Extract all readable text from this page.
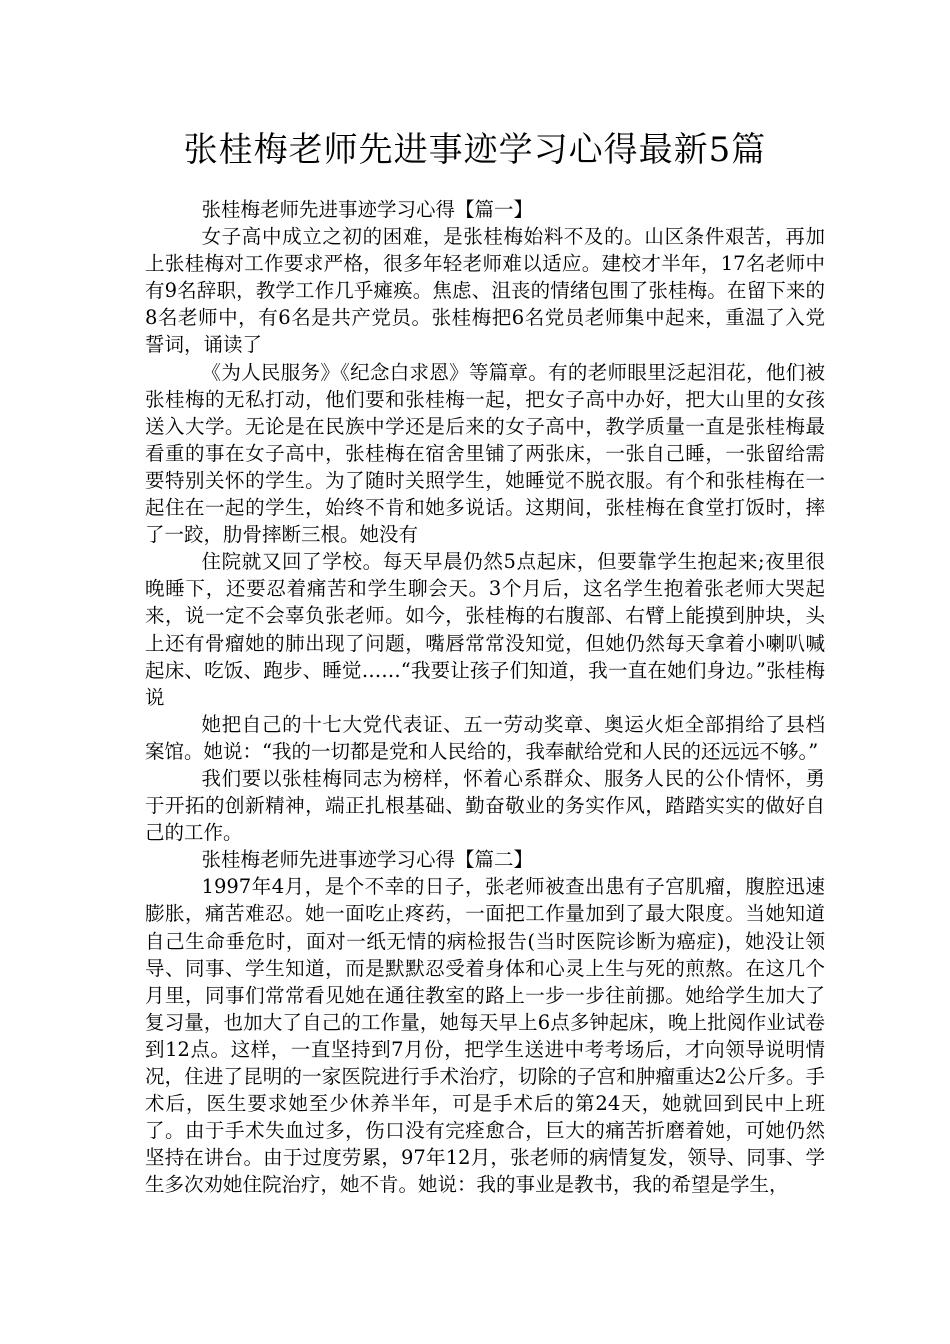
张桂梅老师先进事迹学习心得最新5篇

张桂梅老师先进事迹学习心得【篇一】

女子高中成立之初的困难，是张桂梅始料不及的。山区条件艰苦，再加上张桂梅对工作要求严格，很多年轻老师难以适应。建校才半年，17名老师中有9名辞职，教学工作几乎瘫痪。焦虑、沮丧的情绪包围了张桂梅。在留下来的8名老师中，有6名是共产党员。张桂梅把6名党员老师集中起来，重温了入党誓词，诵读了

《为人民服务》《纪念白求恩》等篇章。有的老师眼里泛起泪花，他们被张桂梅的无私打动，他们要和张桂梅一起，把女子高中办好，把大山里的女孩送入大学。无论是在民族中学还是后来的女子高中，教学质量一直是张桂梅最看重的事在女子高中，张桂梅在宿舍里铺了两张床，一张自己睡，一张留给需要特别关怀的学生。为了随时关照学生，她睡觉不脱衣服。有个和张桂梅在一起住在一起的学生，始终不肯和她多说话。这期间，张桂梅在食堂打饭时，摔了一跤，肋骨摔断三根。她没有

住院就又回了学校。每天早晨仍然5点起床，但要靠学生抱起来;夜里很晚睡下，还要忍着痛苦和学生聊会天。3个月后，这名学生抱着张老师大哭起来，说一定不会辜负张老师。如今，张桂梅的右腹部、右臂上能摸到肿块，头上还有骨瘤她的肺出现了问题，嘴唇常常没知觉，但她仍然每天拿着小喇叭喊起床、吃饭、跑步、睡觉……“我要让孩子们知道，我一直在她们身边。”张桂梅说

她把自己的十七大党代表证、五一劳动奖章、奥运火炬全部捐给了县档案馆。她说：“我的一切都是党和人民给的，我奉献给党和人民的还远远不够。”

我们要以张桂梅同志为榜样，怀着心系群众、服务人民的公仆情怀，勇于开拓的创新精神，端正扎根基础、勤奋敬业的务实作风，踏踏实实的做好自己的工作。

张桂梅老师先进事迹学习心得【篇二】

1997年4月，是个不幸的日子，张老师被查出患有子宫肌瘤，腹腔迅速膨胀，痛苦难忍。她一面吃止疼药，一面把工作量加到了最大限度。当她知道自己生命垂危时，面对一纸无情的病检报告(当时医院诊断为癌症)，她没让领导、同事、学生知道，而是默默忍受着身体和心灵上生与死的煎熬。在这几个月里，同事们常常看见她在通往教室的路上一步一步往前挪。她给学生加大了复习量，也加大了自己的工作量，她每天早上6点多钟起床，晚上批阅作业试卷到12点。这样，一直坚持到7月份，把学生送进中考考场后，才向领导说明情况，住进了昆明的一家医院进行手术治疗，切除的子宫和肿瘤重达2公斤多。手术后，医生要求她至少休养半年，可是手术后的第24天，她就回到民中上班了。由于手术失血过多，伤口没有完痊愈合，巨大的痛苦折磨着她，可她仍然坚持在讲台。由于过度劳累，97年12月，张老师的病情复发，领导、同事、学生多次劝她住院治疗，她不肯。她说：我的事业是教书，我的希望是学生，
